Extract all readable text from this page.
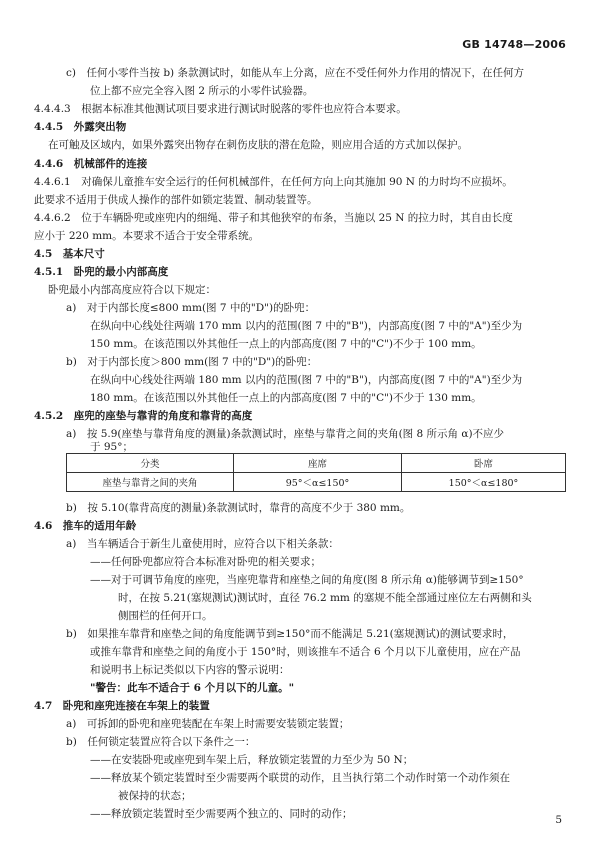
GB 14748—2006
c)　任何小零件当按 b) 条款测试时，如能从车上分离，应在不受任何外力作用的情况下，在任何方
位上都不应完全容入图 2 所示的小零件试验器。
4.4.4.3　根据本标准其他测试项目要求进行测试时脱落的零件也应符合本要求。
4.4.5　外露突出物
在可触及区域内，如果外露突出物存在刺伤皮肤的潜在危险，则应用合适的方式加以保护。
4.4.6　机械部件的连接
4.4.6.1　对确保儿童推车安全运行的任何机械部件，在任何方向上向其施加 90 N 的力时均不应损坏。
此要求不适用于供成人操作的部件如锁定装置、制动装置等。
4.4.6.2　位于车辆卧兜或座兜内的细绳、带子和其他狭窄的布条，当施以 25 N 的拉力时，其自由长度
应小于 220 mm。本要求不适合于安全带系统。
4.5　基本尺寸
4.5.1　卧兜的最小内部高度
卧兜最小内部高度应符合以下规定：
a)　对于内部长度≤800 mm(图 7 中的"D")的卧兜：
在纵向中心线处往两端 170 mm 以内的范围(图 7 中的"B")，内部高度(图 7 中的"A")至少为
150 mm。在该范围以外其他任一点上的内部高度(图 7 中的"C")不少于 100 mm。
b)　对于内部长度＞800 mm(图 7 中的"D")的卧兜：
在纵向中心线处往两端 180 mm 以内的范围(图 7 中的"B")，内部高度(图 7 中的"A")至少为
180 mm。在该范围以外其他任一点上的内部高度(图 7 中的"C")不少于 130 mm。
4.5.2　座兜的座垫与靠背的角度和靠背的高度
a)　按 5.9(座垫与靠背角度的测量)条款测试时，座垫与靠背之间的夹角(图 8 所示角 α)不应少
于 95°；
分类	座席	卧席
座垫与靠背之间的夹角	95°＜α≤150°	150°＜α≤180°
b)　按 5.10(靠背高度的测量)条款测试时，靠背的高度不少于 380 mm。
4.6　推车的适用年龄
a)　当车辆适合于新生儿童使用时，应符合以下相关条款：
——任何卧兜都应符合本标准对卧兜的相关要求；
——对于可调节角度的座兜，当座兜靠背和座垫之间的角度(图 8 所示角 α)能够调节到≥150°
时，在按 5.21(塞规测试)测试时，直径 76.2 mm 的塞规不能全部通过座位左右两侧和头
侧围栏的任何开口。
b)　如果推车靠背和座垫之间的角度能调节到≥150°而不能满足 5.21(塞规测试)的测试要求时，
或推车靠背和座垫之间的角度小于 150°时，则该推车不适合 6 个月以下儿童使用，应在产品
和说明书上标记类似以下内容的警示说明：
"警告：此车不适合于 6 个月以下的儿童。"
4.7　卧兜和座兜连接在车架上的装置
a)　可拆卸的卧兜和座兜装配在车架上时需要安装锁定装置；
b)　任何锁定装置应符合以下条件之一：
——在安装卧兜或座兜到车架上后，释放锁定装置的力至少为 50 N；
——释放某个锁定装置时至少需要两个联贯的动作，且当执行第二个动作时第一个动作须在
被保持的状态；
——释放锁定装置时至少需要两个独立的、同时的动作；	5
